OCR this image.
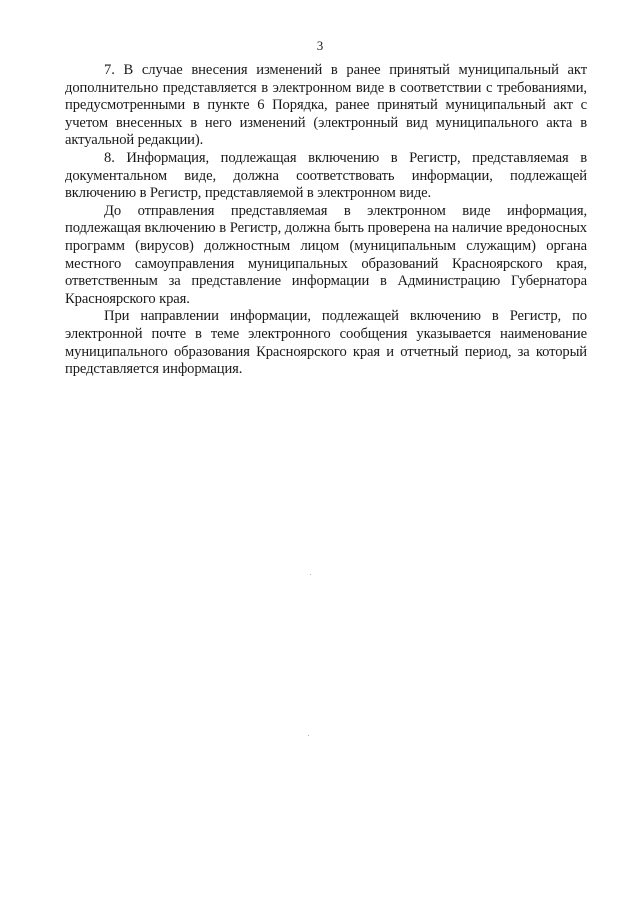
3

7. В случае внесения изменений в ранее принятый муниципальный акт дополнительно представляется в электронном виде в соответствии с требованиями, предусмотренными в пункте 6 Порядка, ранее принятый муниципальный акт с учетом внесенных в него изменений (электронный вид муниципального акта в актуальной редакции).

8. Информация, подлежащая включению в Регистр, представляемая в документальном виде, должна соответствовать информации, подлежащей включению в Регистр, представляемой в электронном виде.

До отправления представляемая в электронном виде информация, подлежащая включению в Регистр, должна быть проверена на наличие вредоносных программ (вирусов) должностным лицом (муниципальным служащим) органа местного самоуправления муниципальных образований Красноярского края, ответственным за представление информации в Администрацию Губернатора Красноярского края.

При направлении информации, подлежащей включению в Регистр, по электронной почте в теме электронного сообщения указывается наименование муниципального образования Красноярского края и отчетный период, за который представляется информация.
